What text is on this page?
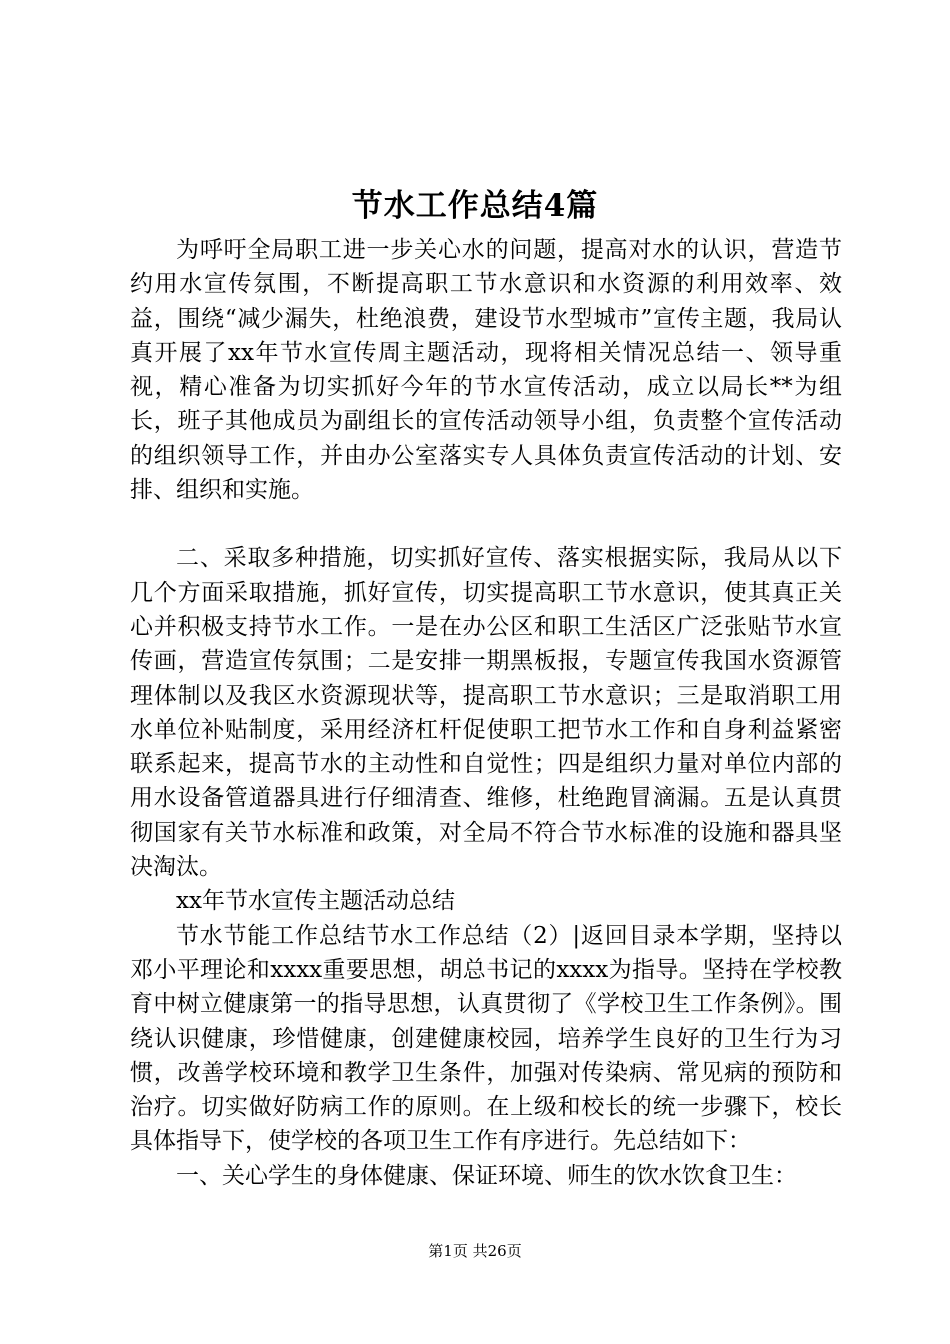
节水工作总结4篇

为呼吁全局职工进一步关心水的问题，提高对水的认识，营造节约用水宣传氛围，不断提高职工节水意识和水资源的利用效率、效益，围绕“减少漏失，杜绝浪费，建设节水型城市”宣传主题，我局认真开展了xx年节水宣传周主题活动，现将相关情况总结一、领导重视，精心准备为切实抓好今年的节水宣传活动，成立以局长**为组长，班子其他成员为副组长的宣传活动领导小组，负责整个宣传活动的组织领导工作，并由办公室落实专人具体负责宣传活动的计划、安排、组织和实施。

二、采取多种措施，切实抓好宣传、落实根据实际，我局从以下几个方面采取措施，抓好宣传，切实提高职工节水意识，使其真正关心并积极支持节水工作。一是在办公区和职工生活区广泛张贴节水宣传画，营造宣传氛围；二是安排一期黑板报，专题宣传我国水资源管理体制以及我区水资源现状等，提高职工节水意识；三是取消职工用水单位补贴制度，采用经济杠杆促使职工把节水工作和自身利益紧密联系起来，提高节水的主动性和自觉性；四是组织力量对单位内部的用水设备管道器具进行仔细清查、维修，杜绝跑冒滴漏。五是认真贯彻国家有关节水标准和政策，对全局不符合节水标准的设施和器具坚决淘汰。

xx年节水宣传主题活动总结

节水节能工作总结节水工作总结（2）|返回目录本学期，坚持以邓小平理论和xxxx重要思想，胡总书记的xxxx为指导。坚持在学校教育中树立健康第一的指导思想，认真贯彻了《学校卫生工作条例》。围绕认识健康，珍惜健康，创建健康校园，培养学生良好的卫生行为习惯，改善学校环境和教学卫生条件，加强对传染病、常见病的预防和治疗。切实做好防病工作的原则。在上级和校长的统一步骤下，校长具体指导下，使学校的各项卫生工作有序进行。先总结如下：

一、关心学生的身体健康、保证环境、师生的饮水饮食卫生：

第1页 共26页
